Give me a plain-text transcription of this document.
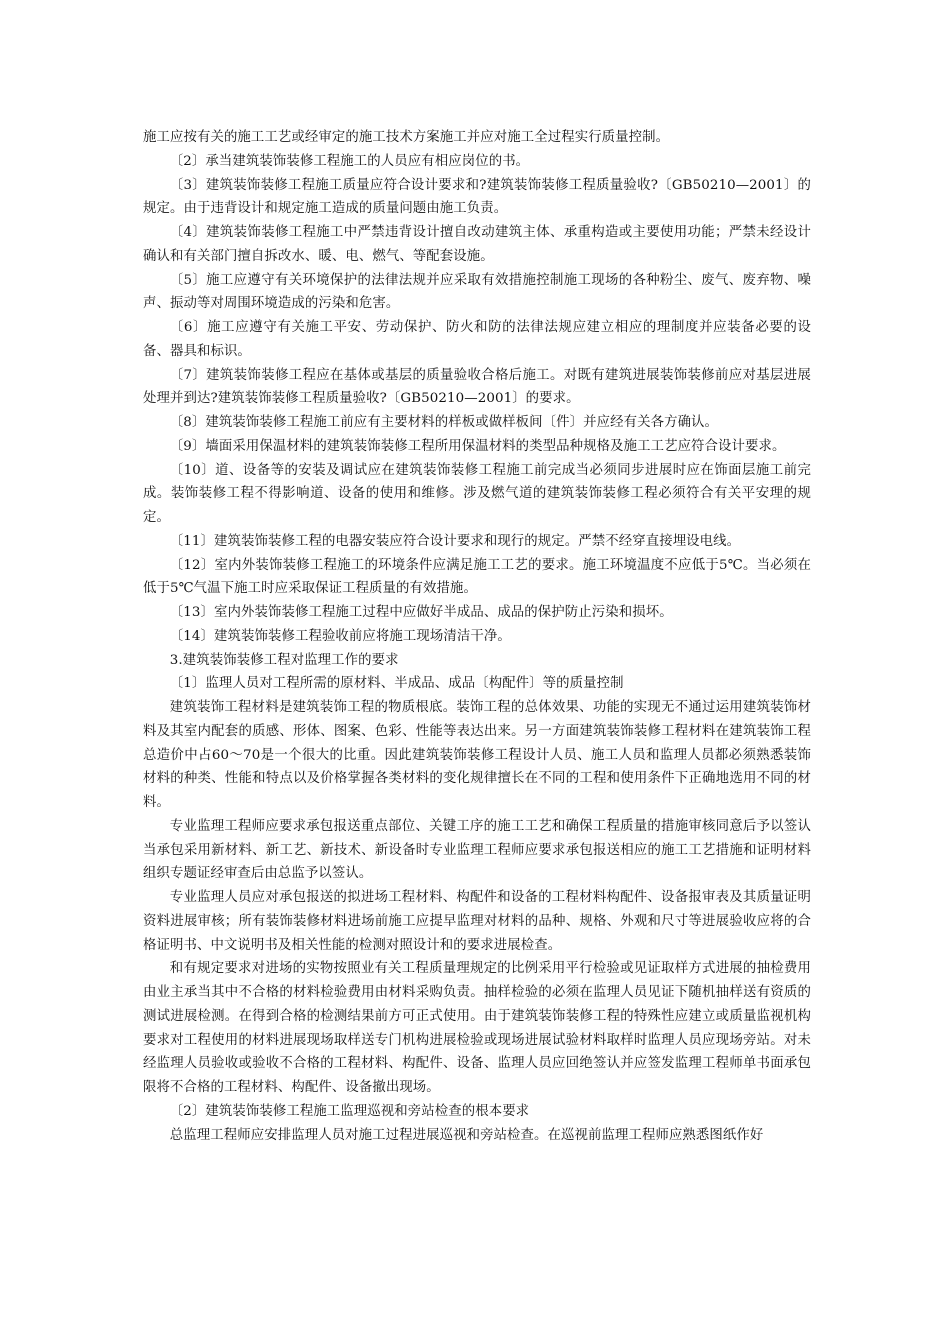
施工应按有关的施工工艺或经审定的施工技术方案施工并应对施工全过程实行质量控制。

〔2〕承当建筑装饰装修工程施工的人员应有相应岗位的书。

〔3〕建筑装饰装修工程施工质量应符合设计要求和?建筑装饰装修工程质量验收?〔GB50210—2001〕的规定。由于违背设计和规定施工造成的质量问题由施工负责。

〔4〕建筑装饰装修工程施工中严禁违背设计擅自改动建筑主体、承重构造或主要使用功能；严禁未经设计确认和有关部门擅自拆改水、暖、电、燃气、等配套设施。

〔5〕施工应遵守有关环境保护的法律法规并应采取有效措施控制施工现场的各种粉尘、废气、废弃物、噪声、振动等对周围环境造成的污染和危害。

〔6〕施工应遵守有关施工平安、劳动保护、防火和防的法律法规应建立相应的理制度并应装备必要的设备、器具和标识。

〔7〕建筑装饰装修工程应在基体或基层的质量验收合格后施工。对既有建筑进展装饰装修前应对基层进展处理并到达?建筑装饰装修工程质量验收?〔GB50210—2001〕的要求。

〔8〕建筑装饰装修工程施工前应有主要材料的样板或做样板间〔件〕并应经有关各方确认。

〔9〕墙面采用保温材料的建筑装饰装修工程所用保温材料的类型品种规格及施工工艺应符合设计要求。

〔10〕道、设备等的安装及调试应在建筑装饰装修工程施工前完成当必须同步进展时应在饰面层施工前完成。装饰装修工程不得影响道、设备的使用和维修。涉及燃气道的建筑装饰装修工程必须符合有关平安理的规定。

〔11〕建筑装饰装修工程的电器安装应符合设计要求和现行的规定。严禁不经穿直接埋设电线。

〔12〕室内外装饰装修工程施工的环境条件应满足施工工艺的要求。施工环境温度不应低于5℃。当必须在低于5℃气温下施工时应采取保证工程质量的有效措施。

〔13〕室内外装饰装修工程施工过程中应做好半成品、成品的保护防止污染和损坏。

〔14〕建筑装饰装修工程验收前应将施工现场清洁干净。

3.建筑装饰装修工程对监理工作的要求

〔1〕监理人员对工程所需的原材料、半成品、成品〔构配件〕等的质量控制

建筑装饰工程材料是建筑装饰工程的物质根底。装饰工程的总体效果、功能的实现无不通过运用建筑装饰材料及其室内配套的质感、形体、图案、色彩、性能等表达出来。另一方面建筑装饰装修工程材料在建筑装饰工程总造价中占60～70是一个很大的比重。因此建筑装饰装修工程设计人员、施工人员和监理人员都必须熟悉装饰材料的种类、性能和特点以及价格掌握各类材料的变化规律擅长在不同的工程和使用条件下正确地选用不同的材料。

专业监理工程师应要求承包报送重点部位、关键工序的施工工艺和确保工程质量的措施审核同意后予以签认当承包采用新材料、新工艺、新技术、新设备时专业监理工程师应要求承包报送相应的施工工艺措施和证明材料组织专题证经审查后由总监予以签认。

专业监理人员应对承包报送的拟进场工程材料、构配件和设备的工程材料构配件、设备报审表及其质量证明资料进展审核；所有装饰装修材料进场前施工应提早监理对材料的品种、规格、外观和尺寸等进展验收应将的合格证明书、中文说明书及相关性能的检测对照设计和的要求进展检查。

和有规定要求对进场的实物按照业有关工程质量理规定的比例采用平行检验或见证取样方式进展的抽检费用由业主承当其中不合格的材料检验费用由材料采购负责。抽样检验的必须在监理人员见证下随机抽样送有资质的测试进展检测。在得到合格的检测结果前方可正式使用。由于建筑装饰装修工程的特殊性应建立或质量监视机构要求对工程使用的材料进展现场取样送专门机构进展检验或现场进展试验材料取样时监理人员应现场旁站。对未经监理人员验收或验收不合格的工程材料、构配件、设备、监理人员应回绝签认并应签发监理工程师单书面承包限将不合格的工程材料、构配件、设备撤出现场。

〔2〕建筑装饰装修工程施工监理巡视和旁站检查的根本要求

总监理工程师应安排监理人员对施工过程进展巡视和旁站检查。在巡视前监理工程师应熟悉图纸作好
